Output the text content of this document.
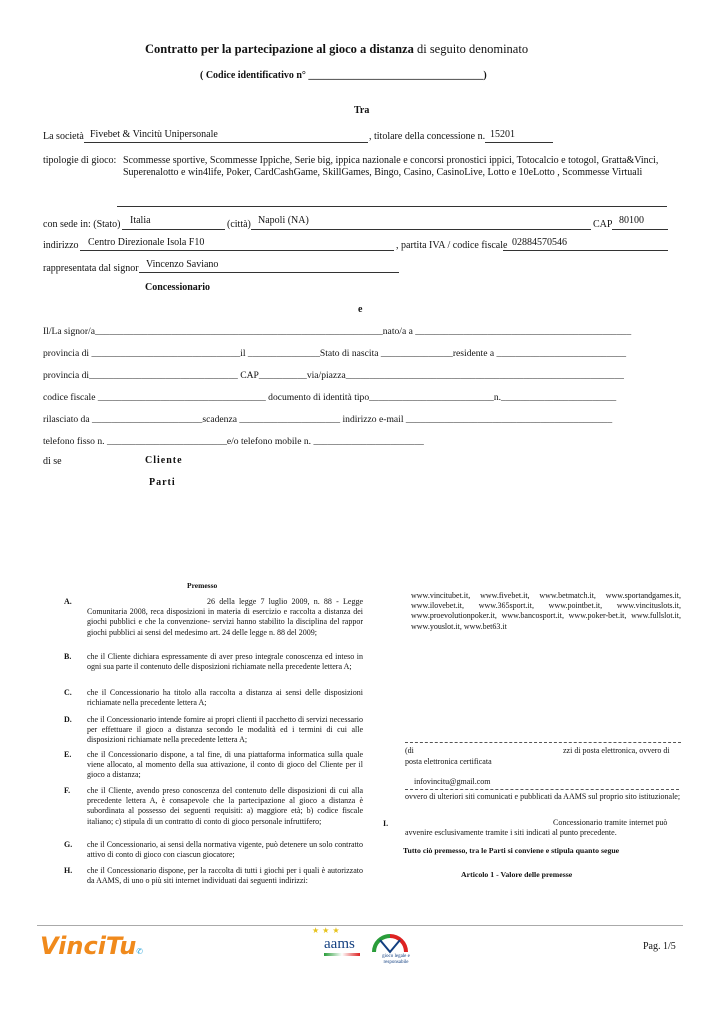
Contratto per la partecipazione al gioco a distanza di seguito denominato
( Codice identificativo n° ___________________________________)
Tra
La società Fivebet & Vincitù Unipersonale	, titolare della concessione n. 15201
tipologie di gioco: Scommesse sportive, Scommesse Ippiche, Serie big, ippica nazionale e concorsi pronostici ippici, Totocalcio e totogol, Gratta&Vinci,
Superenalotto e win4life, Poker, CardCashGame, SkillGames, Bingo, Casino, CasinoLive, Lotto e 10eLotto , Scommesse Virtuali
con sede in: (Stato) Italia	(città) Napoli (NA)	CAP 80100
indirizzo Centro Direzionale Isola F10	, partita IVA / codice fiscale 02884570546
rappresentata dal signor Vincenzo Saviano
Concessionario
e
Il/La signor/a____________________________________________________________nato/a a _____________________________________________
provincia di _______________________________il _______________Stato di nascita _______________residente a ___________________________
provincia di_______________________________ CAP__________via/piazza__________________________________________________________
codice fiscale ___________________________________ documento di identità tipo__________________________n.________________________
rilasciato da _______________________scadenza _____________________ indirizzo e-mail ___________________________________________
telefono fisso n. _________________________e/o telefono mobile n. _______________________
di se	Cliente
Parti
Premesso
A.	26 della legge 7 luglio 2009, n. 88 - Legge Comunitaria 2008, reca disposizioni in materia di esercizio e raccolta a distanza dei giochi pubblici e che la convenzione- servizi hanno stabilito la disciplina del rappor giochi pubblici ai sensi del medesimo art. 24 delle legge n. 88 del 2009;
B. che il Cliente dichiara espressamente di aver preso integrale conoscenza ed inteso in ogni sua parte il contenuto delle disposizioni richiamate nella precedente lettera A;
C. che il Concessionario ha titolo alla raccolta a distanza ai sensi delle disposizioni richiamate nella precedente lettera A;
D. che il Concessionario intende fornire ai propri clienti il pacchetto di servizi necessario per effettuare il gioco a distanza secondo le modalità ed i termini di cui alle disposizioni richiamate nella precedente lettera A;
E. che il Concessionario dispone, a tal fine, di una piattaforma informatica sulla quale viene allocato, al momento della sua attivazione, il conto di gioco del Cliente per il gioco a distanza;
F. che il Cliente, avendo preso conoscenza del contenuto delle disposizioni di cui alla precedente lettera A, è consapevole che la partecipazione al gioco a distanza è subordinata al possesso dei seguenti requisiti: a) maggiore età; b) codice fiscale italiano; c) stipula di un contratto di conto di gioco personale infruttifero;
G. che il Concessionario, ai sensi della normativa vigente, può detenere un solo contratto attivo di conto di gioco con ciascun giocatore;
H. che il Concessionario dispone, per la raccolta di tutti i giochi per i quali è autorizzato da AAMS, di uno o più siti internet individuati dai seguenti indirizzi:
www.vincitubet.it, www.fivebet.it, www.betmatch.it, www.sportandgames.it, www.ilovebet.it, www.365sport.it, www.pointbet.it, www.vincituslots.it, www.proevolutionpoker.it, www.bancosport.it, www.poker-bet.it, www.fullslot.it, www.youslot.it, www.bet63.it
(di	zzi di posta elettronica, ovvero di
posta elettronica certificata
infovincitu@gmail.com
ovvero di ulteriori siti comunicati e pubblicati da AAMS sul proprio sito istituzionale;
I.	Concessionario tramite internet può
avvenire esclusivamente tramite i siti indicati al punto precedente.
Tutto ciò premesso, tra le Parti si conviene e stipula quanto segue
Articolo 1 - Valore delle premesse
VinciTu✆
★★★
aams
gioco legale e responsabile
Pag. 1/5
